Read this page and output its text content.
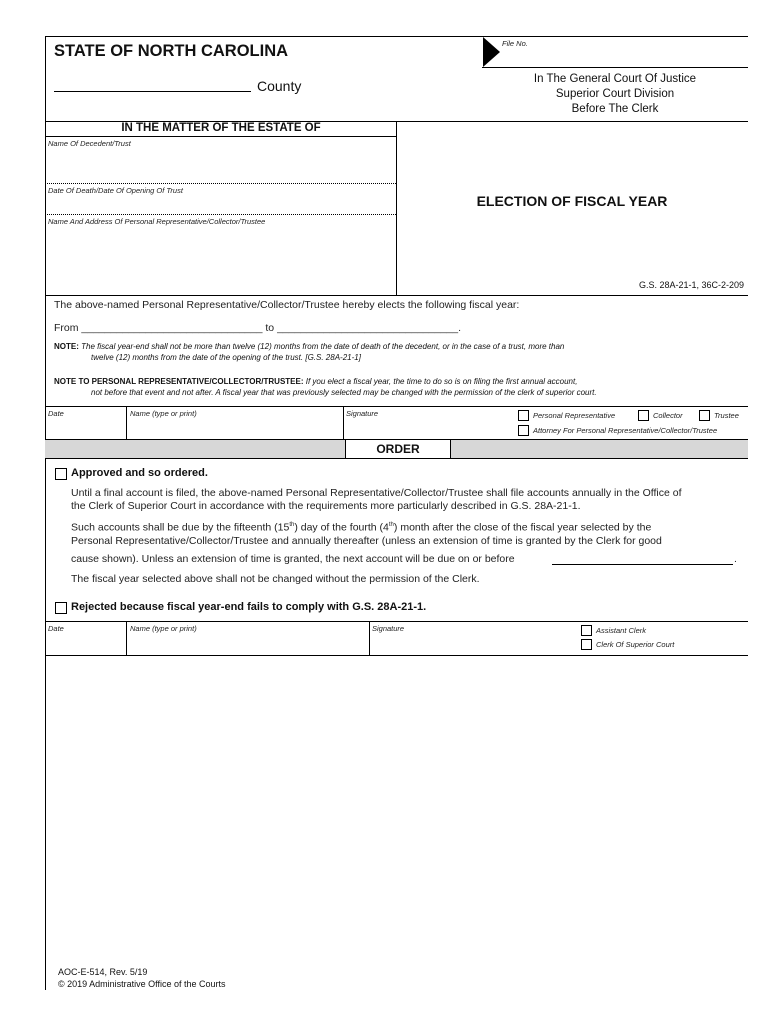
STATE OF NORTH CAROLINA
County
File No.
In The General Court Of Justice
Superior Court Division
Before The Clerk
IN THE MATTER OF THE ESTATE OF
Name Of Decedent/Trust
Date Of Death/Date Of Opening Of Trust
Name And Address Of Personal Representative/Collector/Trustee
ELECTION OF FISCAL YEAR
G.S. 28A-21-1, 36C-2-209
The above-named Personal Representative/Collector/Trustee hereby elects the following fiscal year:
From _______________________________ to _______________________________.
NOTE: The fiscal year-end shall not be more than twelve (12) months from the date of death of the decedent, or in the case of a trust, more than
twelve (12) months from the date of the opening of the trust. [G.S. 28A-21-1]
NOTE TO PERSONAL REPRESENTATIVE/COLLECTOR/TRUSTEE: If you elect a fiscal year, the time to do so is on filing the first annual account,
not before that event and not after. A fiscal year that was previously selected may be changed with the permission of the clerk of superior court.
Date	Name (type or print)	Signature	Personal Representative	Collector	Trustee
Attorney For Personal Representative/Collector/Trustee
ORDER
Approved and so ordered.
Until a final account is filed, the above-named Personal Representative/Collector/Trustee shall file accounts annually in the Office of
the Clerk of Superior Court in accordance with the requirements more particularly described in G.S. 28A-21-1.
Such accounts shall be due by the fifteenth (15th) day of the fourth (4th) month after the close of the fiscal year selected by the
Personal Representative/Collector/Trustee and annually thereafter (unless an extension of time is granted by the Clerk for good
cause shown). Unless an extension of time is granted, the next account will be due on or before	.
The fiscal year selected above shall not be changed without the permission of the Clerk.
Rejected because fiscal year-end fails to comply with G.S. 28A-21-1.
Date	Name (type or print)	Signature	Assistant Clerk
Clerk Of Superior Court
AOC-E-514, Rev. 5/19
© 2019 Administrative Office of the Courts
